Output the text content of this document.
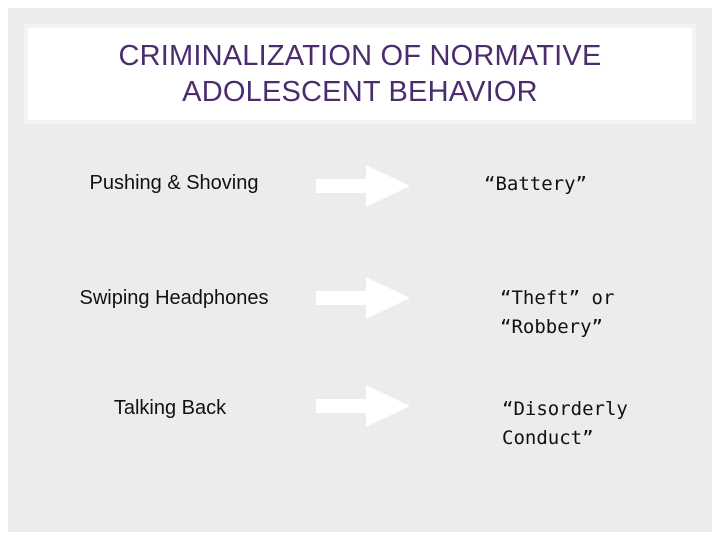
CRIMINALIZATION OF NORMATIVE
ADOLESCENT BEHAVIOR
Pushing & Shoving	“Battery”
Swiping Headphones	“Theft” or
“Robbery”
Talking Back	“Disorderly
Conduct”
